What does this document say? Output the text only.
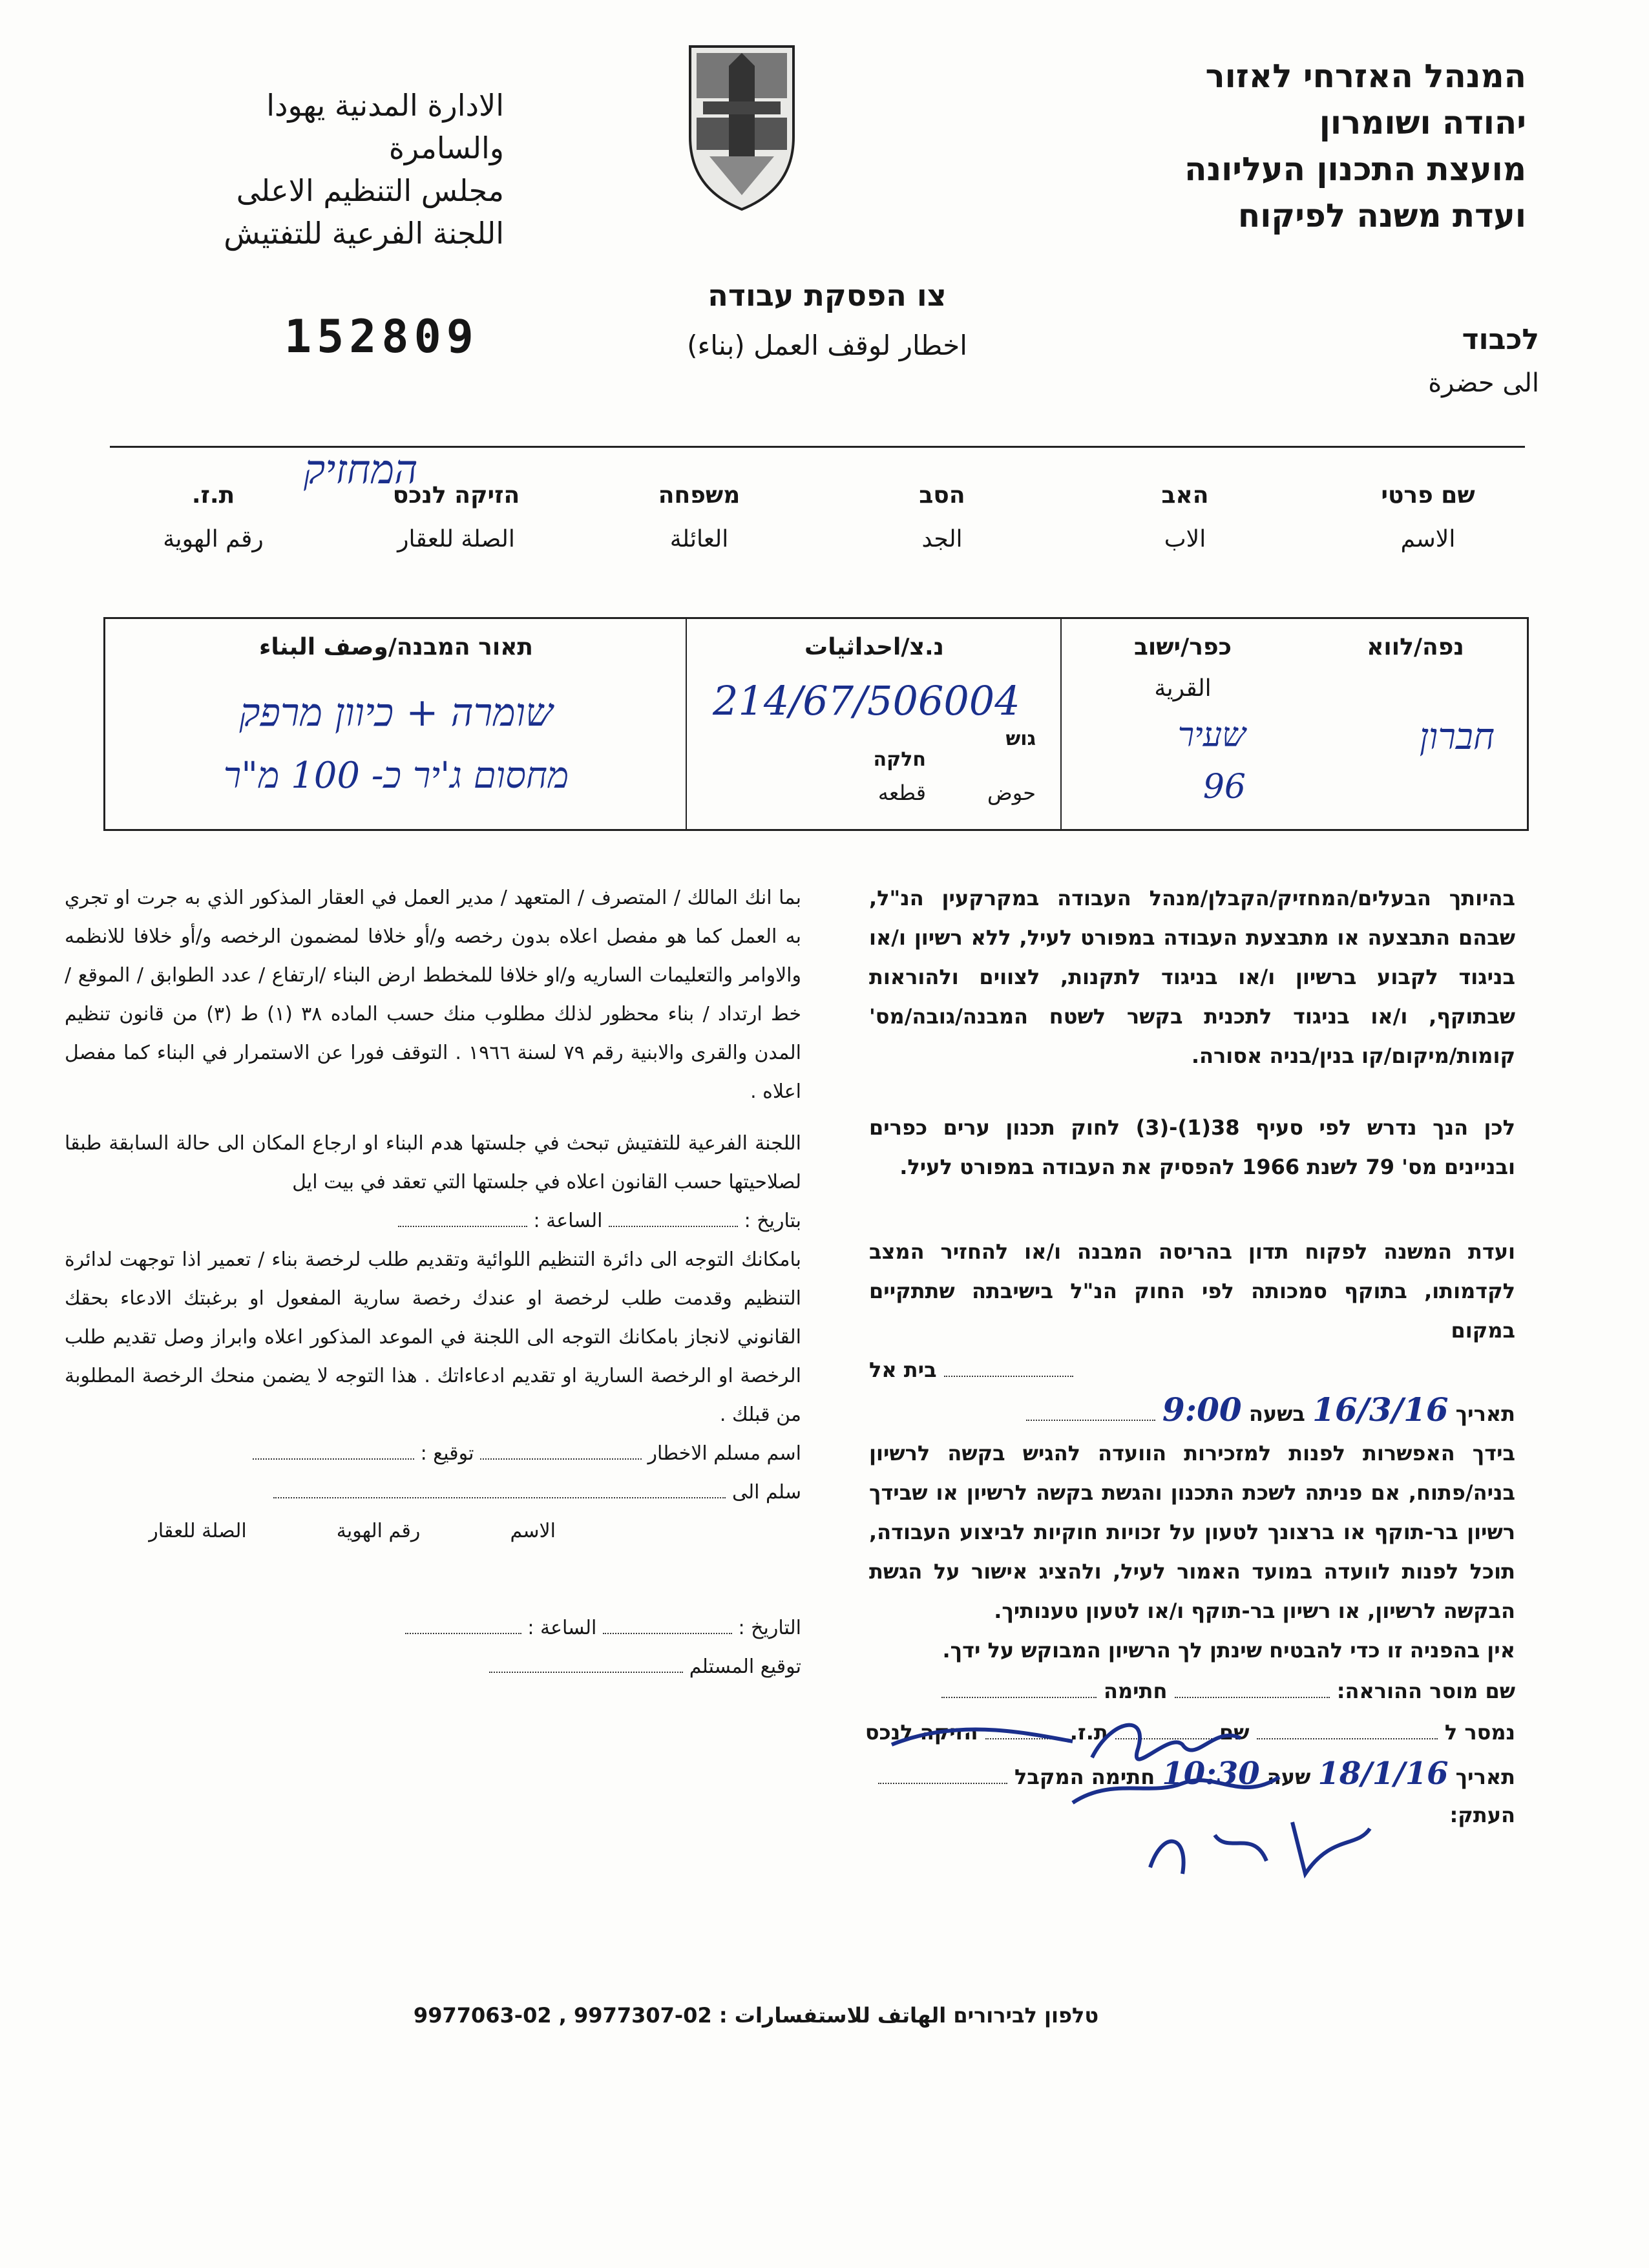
המנהל האזרחי לאזור
יהודה ושומרון
מועצת התכנון העליונה
ועדת משנה לפיקוח
الادارة المدنية يهودا
والسامرة
مجلس التنظيم الاعلى
اللجنة الفرعية للتفتيش
152809
צו הפסקת עבודה
اخطار لوقف العمل (بناء)	לכבוד
الى حضرة
המחזיק
שם פרטי
الاسم
האב
الاب
הסב
الجد
משפחה
العائلة
הזיקה לנכס
الصلة للعقار
ת.ז.
رقم الهوية
נפה/לווא
חברון
כפר/ישוב
القرية
שעיר
96
נ.צ/احداثيات
214/67/506004
גוש
חלקה
حوض
قطعه
תאור המבנה/وصف البناء
שומרה + כיוון מרפק
מחסום ג'יר כ- 100 מ"ר
בהיותך הבעלים/המחזיק/הקבלן/מנהל העבודה במקרקעין הנ"ל, שבהם התבצעה או מתבצעת העבודה במפורט לעיל, ללא רשיון ו/או בניגוד לקבוע ברשיון ו/או בניגוד לתקנות, לצווים ולהוראות שבתוקף, ו/או בניגוד לתכנית בקשר לשטח המבנה/גובה/מס' קומות/מיקום/קו בנין/בניה אסורה.
לכן הנך נדרש לפי סעיף 38(1)-(3) לחוק תכנון ערים כפרים ובניינים מס' 79 לשנת 1966 להפסיק את העבודה במפורט לעיל.
ועדת המשנה לפקוח תדון בהריסה המבנה ו/או להחזיר המצב לקדמותו, בתוקף סמכותה לפי החוק הנ"ל בישיבתה שתתקיים במקום
בית אל
תאריך 16/3/16 בשעה 9:00
בידך האפשרות לפנות למזכירות הוועדה להגיש בקשה לרשיון בניה/פתוח, אם פניתה לשכת התכנון והגשת בקשה לרשיון או שבידך רשיון בר-תוקף או ברצונך לטעון על זכויות חוקיות לביצוע העבודה, תוכל לפנות לוועדה במועד האמור לעיל, ולהציג אישור על הגשת הבקשה לרשיון, או רשיון בר-תוקף ו/או לטעון טענותיך.
אין בהפניה זו כדי להבטיח שינתן לך הרשיון המבוקש על ידך.
שם מוסר ההוראה:  חתימה
נמסר ל  שם  ת.ז.  הזיקה לנכס
תאריך 18/1/16 שעה 10:30 חתימה המקבל
העתק:
بما انك المالك / المتصرف / المتعهد / مدير العمل في العقار المذكور الذي به جرت او تجري به العمل كما هو مفصل اعلاه بدون رخصه و/أو خلافا لمضمون الرخصه و/أو خلافا للانظمه والاوامر والتعليمات الساريه و/او خلافا للمخطط ارض البناء /ارتفاع / عدد الطوابق / الموقع / خط ارتداد / بناء محظور لذلك مطلوب منك حسب الماده ٣٨ (١) ط (٣) من قانون تنظيم المدن والقرى والابنية رقم ٧٩ لسنة ١٩٦٦ . التوقف فورا عن الاستمرار في البناء كما مفصل اعلاه .
اللجنة الفرعية للتفتيش تبحث في جلستها هدم البناء او ارجاع المكان الى حالة السابقة طبقا لصلاحيتها حسب القانون اعلاه في جلستها التي تعقد في بيت ايل
بتاريخ :  الساعة :
بامكانك التوجه الى دائرة التنظيم اللوائية وتقديم طلب لرخصة بناء / تعمير اذا توجهت لدائرة التنظيم وقدمت طلب لرخصة او عندك رخصة سارية المفعول او برغبتك الادعاء بحقك القانوني لانجاز بامكانك التوجه الى اللجنة في الموعد المذكور اعلاه وابراز وصل تقديم طلب الرخصة او الرخصة السارية او تقديم ادعاءاتك . هذا التوجه لا يضمن منحك الرخصة المطلوبة من قبلك .
اسم مسلم الاخطار  توقيع :
سلم الى
الاسم  رقم الهوية  الصلة للعقار
التاريخ :  الساعة :
توقيع المستلم
טלפון לבירורים الهاتف للاستفسارات : 02-9977307 , 02-9977063
